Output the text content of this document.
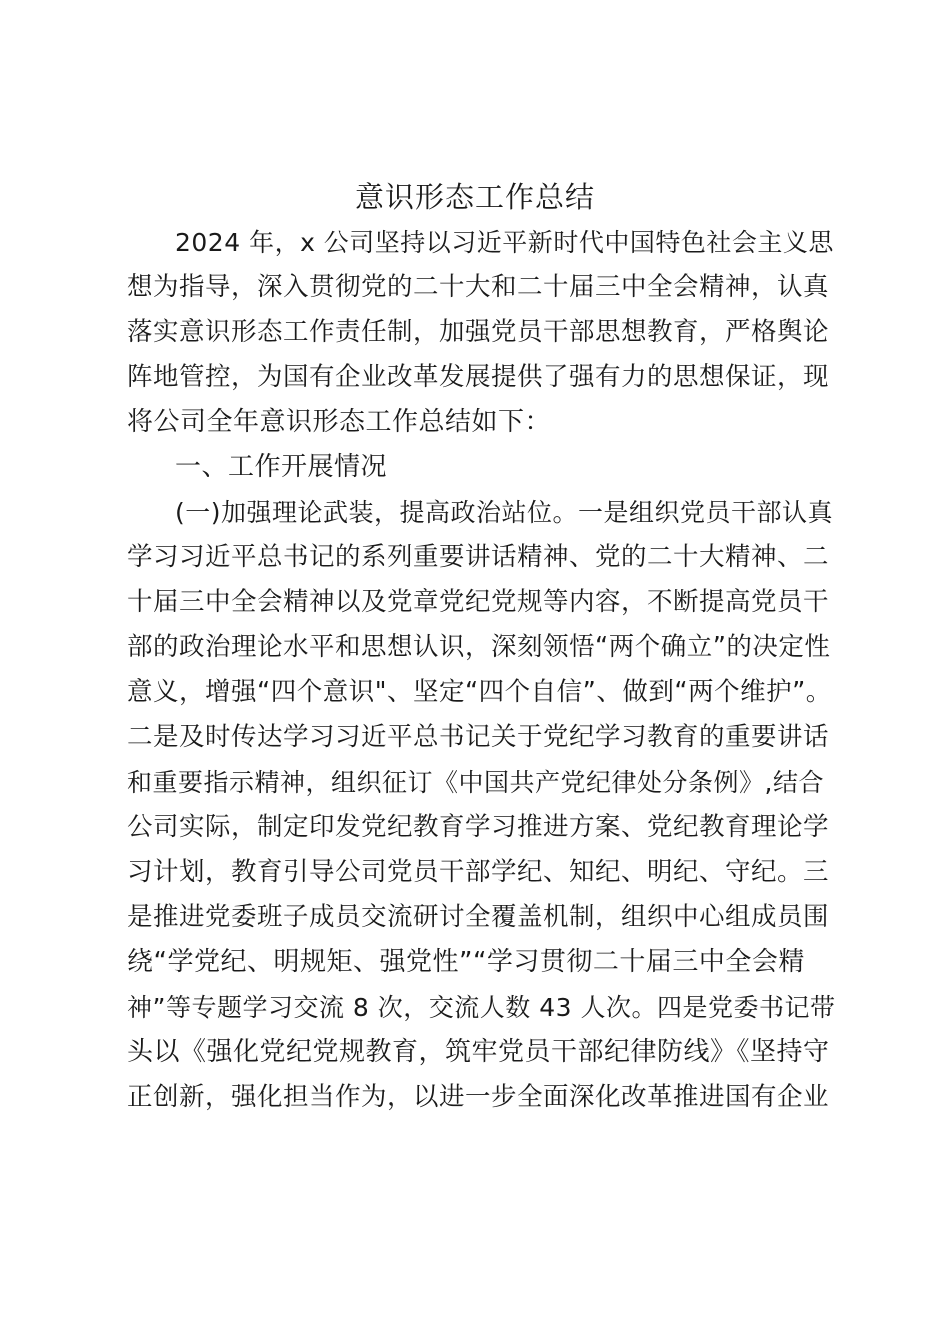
意识形态工作总结
2024 年，x 公司坚持以习近平新时代中国特色社会主义思
想为指导，深入贯彻党的二十大和二十届三中全会精神，认真
落实意识形态工作责任制，加强党员干部思想教育，严格舆论
阵地管控，为国有企业改革发展提供了强有力的思想保证，现
将公司全年意识形态工作总结如下：
一、工作开展情况
(一)加强理论武装，提高政治站位。一是组织党员干部认真
学习习近平总书记的系列重要讲话精神、党的二十大精神、二
十届三中全会精神以及党章党纪党规等内容，不断提高党员干
部的政治理论水平和思想认识，深刻领悟“两个确立”的决定性
意义，增强“四个意识"、坚定“四个自信”、做到“两个维护”。
二是及时传达学习习近平总书记关于党纪学习教育的重要讲话
和重要指示精神，组织征订《中国共产党纪律处分条例》,结合
公司实际，制定印发党纪教育学习推进方案、党纪教育理论学
习计划，教育引导公司党员干部学纪、知纪、明纪、守纪。三
是推进党委班子成员交流研讨全覆盖机制，组织中心组成员围
绕“学党纪、明规矩、强党性”“学习贯彻二十届三中全会精
神”等专题学习交流 8 次，交流人数 43 人次。四是党委书记带
头以《强化党纪党规教育，筑牢党员干部纪律防线》《坚持守
正创新，强化担当作为，以进一步全面深化改革推进国有企业
